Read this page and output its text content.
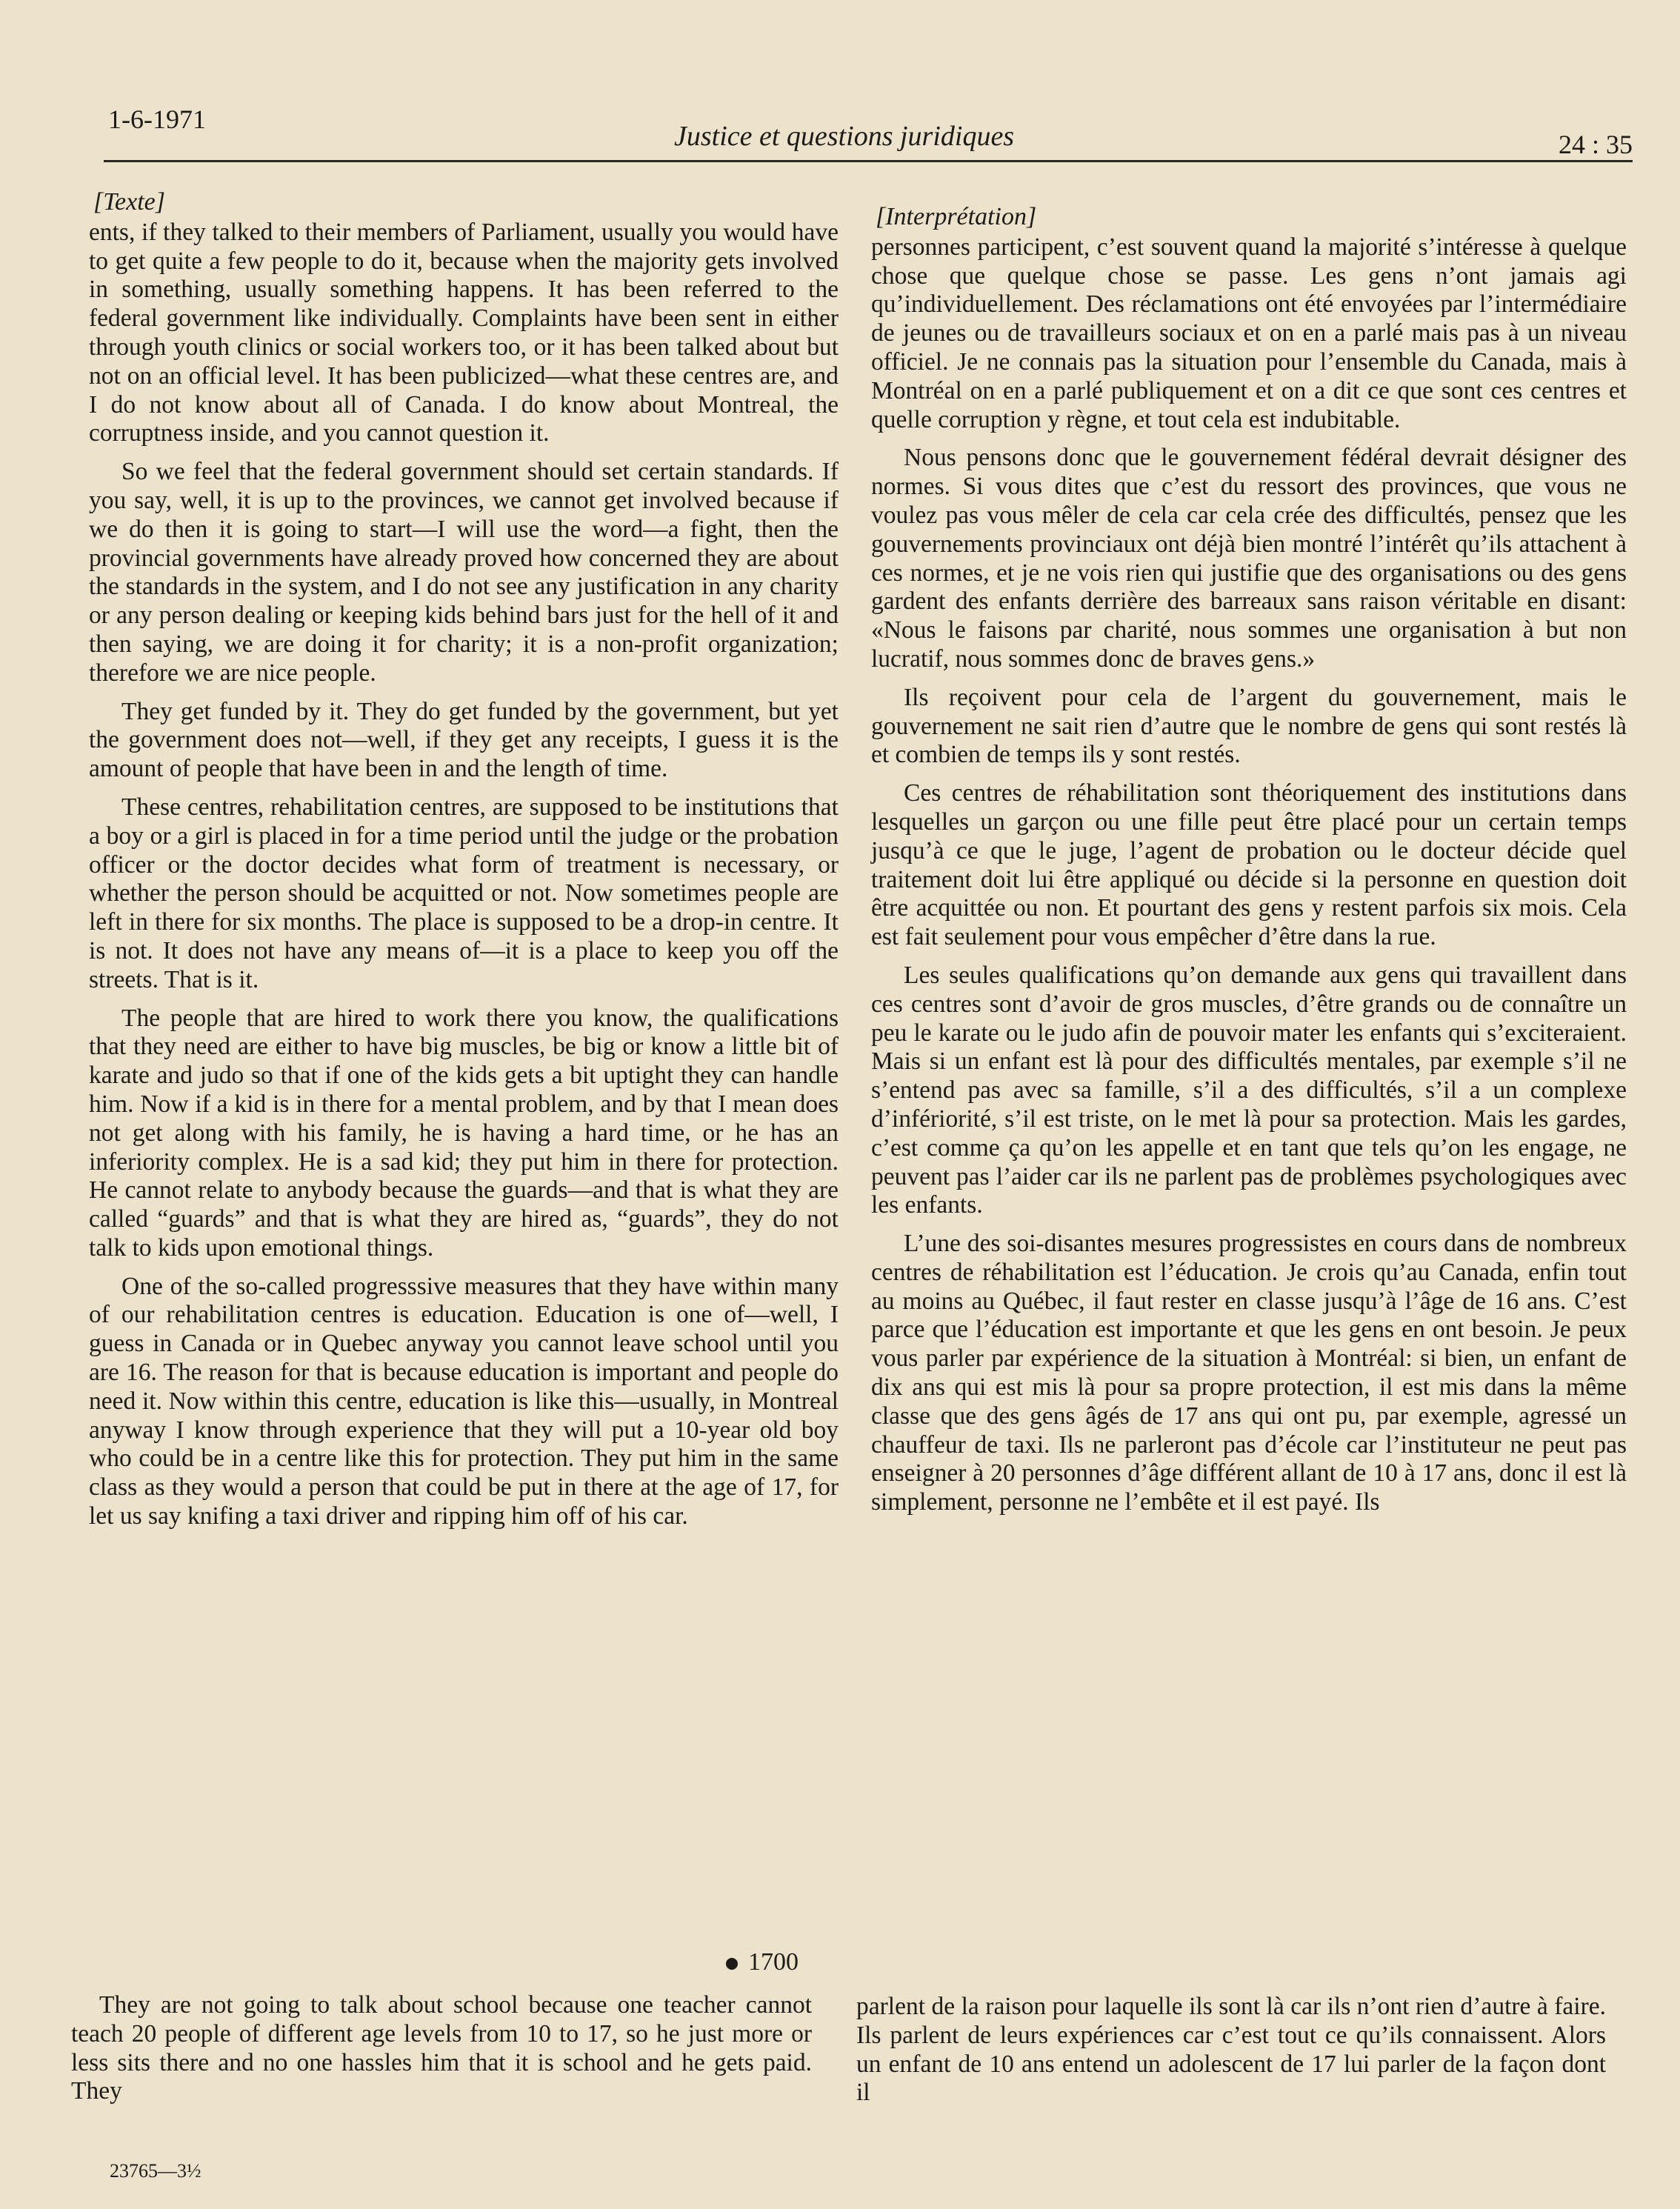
1-6-1971
Justice et questions juridiques	24 : 35
[Texte]

ents, if they talked to their members of Parliament, usually you would have to get quite a few people to do it, because when the majority gets involved in something, usually something happens. It has been referred to the federal government like individually. Complaints have been sent in either through youth clinics or social workers too, or it has been talked about but not on an official level. It has been publicized—what these centres are, and I do not know about all of Canada. I do know about Montreal, the corruptness inside, and you cannot question it.

So we feel that the federal government should set certain standards. If you say, well, it is up to the provinces, we cannot get involved because if we do then it is going to start—I will use the word—a fight, then the provincial governments have already proved how concerned they are about the standards in the system, and I do not see any justification in any charity or any person dealing or keeping kids behind bars just for the hell of it and then saying, we are doing it for charity; it is a non-profit organization; therefore we are nice people.

They get funded by it. They do get funded by the government, but yet the government does not—well, if they get any receipts, I guess it is the amount of people that have been in and the length of time.

These centres, rehabilitation centres, are supposed to be institutions that a boy or a girl is placed in for a time period until the judge or the probation officer or the doctor decides what form of treatment is necessary, or whether the person should be acquitted or not. Now sometimes people are left in there for six months. The place is supposed to be a drop-in centre. It is not. It does not have any means of—it is a place to keep you off the streets. That is it.

The people that are hired to work there you know, the qualifications that they need are either to have big muscles, be big or know a little bit of karate and judo so that if one of the kids gets a bit uptight they can handle him. Now if a kid is in there for a mental problem, and by that I mean does not get along with his family, he is having a hard time, or he has an inferiority complex. He is a sad kid; they put him in there for protection. He cannot relate to anybody because the guards—and that is what they are called “guards” and that is what they are hired as, “guards”, they do not talk to kids upon emotional things.

One of the so-called progresssive measures that they have within many of our rehabilitation centres is education. Education is one of—well, I guess in Canada or in Quebec anyway you cannot leave school until you are 16. The reason for that is because education is important and people do need it. Now within this centre, education is like this—usually, in Montreal anyway I know through experience that they will put a 10-year old boy who could be in a centre like this for protection. They put him in the same class as they would a person that could be put in there at the age of 17, for let us say knifing a taxi driver and ripping him off of his car.

1700
[Interprétation]

personnes participent, c’est souvent quand la majorité s’intéresse à quelque chose que quelque chose se passe. Les gens n’ont jamais agi qu’individuellement. Des réclamations ont été envoyées par l’intermédiaire de jeunes ou de travailleurs sociaux et on en a parlé mais pas à un niveau officiel. Je ne connais pas la situation pour l’ensemble du Canada, mais à Montréal on en a parlé publiquement et on a dit ce que sont ces centres et quelle corruption y règne, et tout cela est indubitable.

Nous pensons donc que le gouvernement fédéral devrait désigner des normes. Si vous dites que c’est du ressort des provinces, que vous ne voulez pas vous mêler de cela car cela crée des difficultés, pensez que les gouvernements provinciaux ont déjà bien montré l’intérêt qu’ils attachent à ces normes, et je ne vois rien qui justifie que des organisations ou des gens gardent des enfants derrière des barreaux sans raison véritable en disant: «Nous le faisons par charité, nous sommes une organisation à but non lucratif, nous sommes donc de braves gens.»

Ils reçoivent pour cela de l’argent du gouvernement, mais le gouvernement ne sait rien d’autre que le nombre de gens qui sont restés là et combien de temps ils y sont restés.

Ces centres de réhabilitation sont théoriquement des institutions dans lesquelles un garçon ou une fille peut être placé pour un certain temps jusqu’à ce que le juge, l’agent de probation ou le docteur décide quel traitement doit lui être appliqué ou décide si la personne en question doit être acquittée ou non. Et pourtant des gens y restent parfois six mois. Cela est fait seulement pour vous empêcher d’être dans la rue.

Les seules qualifications qu’on demande aux gens qui travaillent dans ces centres sont d’avoir de gros muscles, d’être grands ou de connaître un peu le karate ou le judo afin de pouvoir mater les enfants qui s’exciteraient. Mais si un enfant est là pour des difficultés mentales, par exemple s’il ne s’entend pas avec sa famille, s’il a des difficultés, s’il a un complexe d’infériorité, s’il est triste, on le met là pour sa protection. Mais les gardes, c’est comme ça qu’on les appelle et en tant que tels qu’on les engage, ne peuvent pas l’aider car ils ne parlent pas de problèmes psychologiques avec les enfants.

L’une des soi-disantes mesures progressistes en cours dans de nombreux centres de réhabilitation est l’éducation. Je crois qu’au Canada, enfin tout au moins au Québec, il faut rester en classe jusqu’à l’âge de 16 ans. C’est parce que l’éducation est importante et que les gens en ont besoin. Je peux vous parler par expérience de la situation à Montréal: si bien, un enfant de dix ans qui est mis là pour sa propre protection, il est mis dans la même classe que des gens âgés de 17 ans qui ont pu, par exemple, agressé un chauffeur de taxi. Ils ne parleront pas d’école car l’instituteur ne peut pas enseigner à 20 personnes d’âge différent allant de 10 à 17 ans, donc il est là simplement, personne ne l’embête et il est payé. Ils

They are not going to talk about school because one teacher cannot teach 20 people of different age levels from 10 to 17, so he just more or less sits there and no one hassles him that it is school and he gets paid. They

parlent de la raison pour laquelle ils sont là car ils n’ont rien d’autre à faire. Ils parlent de leurs expériences car c’est tout ce qu’ils connaissent. Alors un enfant de 10 ans entend un adolescent de 17 lui parler de la façon dont il

23765—3½
